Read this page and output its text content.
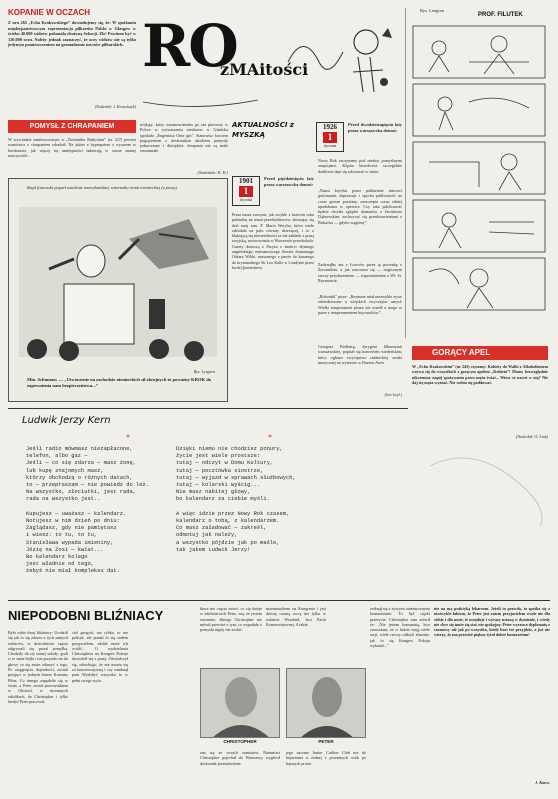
KOPANIE W OCZACH
Z nru 265 „Echa Krakowskiego” dowiadujemy się, że: W spotkaniu międzypaństwowym reprezentacja piłkarska Polski w Glasgow w ścieku 40.000 widzów pokonała drużynę Szkocji. Zle! Powinno być w 120.000 oczu. Należy jednak zaznaczyć, że oczy widzów nie są tylko jedynym pomieszczeniem na gromadzenie meczów piłkarskich.
(Nadesłał: J. Kowalczyk)
POMYSŁ Z CHRAPANIEM
W wywiadzie zamieszczonym w „Dzienniku Bałtyckim” (nr 227) pewien rozmówca z chrapaniem zdradził: Na jakim a hyperpatent z wyrazem w bordeauxie, jak więcej się umiejętności nabierają w czasie znanej nauczyciele...
trójkąty, który zastanowieniem po raz pierwszy w Polsce w wytwarzaniu niedawno w Gdańsku spotkało „Eugeniusz Onie gin”. Stanowisz bowiem pogrążeniem z doskonałym skutkiem pomysły jednoczesne i dźwięków chrapania nie są mało zrozumiałe.
(Nadesłała: K. H.)
RO
zMAitości
Rys. Lengren
PROF. FILUTEK
GORĄCY APEL
W „Echu Krakowskim” (nr 245) czytamy: Kobiety do Walki z Alkoholizmem wzywa się do wszystkich z gorącym apelem „Kobieto”! Mamy bezwzględnie nikczemny napój spożywania przez męża świat... Wiesz co nawet w nią? Nie daj się męża wyznać. Nie wolno się poddawać.
(Nadesłał: O. Link)
AKTUALNOŚCI z MYSZKĄ
1926
1
stycznia
Przed dwudziestupięciu laty prasa warszawska donosi:
Nowy Rok zaczynamy pod niezbyt pomyślnymi auspicjami. Klęska bezrobocia szczególnie dotkliwie daje się odczuwać w zimie.
„Nasza krytyka przez poblażanie teatrowi grafomanii, deprawuje i spycha publiczność na coraz gorsze poziomy, zaszczepia coraz silniej upodobania w operetce. Czy taka publiczność będzie chciała oglądać dramatów o Jarosławie Dąbrowskim, zachwycać się przedstawieniami z Balzacka — gdybo wątpimy”.
Zasłynąłby ani z Łowców przez tę piosenkę o Żeromskim, a już zawczasu się — tragicznym rzeczy przydarzeniem — wspomnieniem o Wł. St. Reymoncie.
„Robotnik” pisze: „Reymont miał niezwykle żywe odziedziczone u wiejskich zwyczajów umysł. Wielki temperament pisarz nie zszedł u niego w parze z temperamentem bojowników”.
Grzegorz Fitelberg, dyrygent filharmonii warszawskiej, popisał się koncertem wiedeńskim, który ogłasza zwycięstwo radzieckiej sztuki muzycznej na wystawie w Buenos Aires.
(kor. keyl.)
1901
1
stycznia
Przed pięćdziesięciu laty prasa warszawska donosi:
Prasa nasza zaczyna, jak zwykle z końcem roku polemikę na temat przedsiebiorstw, obracając się dziś tutaj tam. P. Maria Weryho, która wiele zdziałała na polu oświaty dziecięcej, i to z błąkającą się nierzetelności ze niż zakłady z prasą rosyjską, zastosowania w Warszawie przedszkola. Gazety donoszą z Paryża o śmierci słynnego angielskiego renesansowego literata dramaturga Oskara Wilde, nazwanego z pawie do kazanego do kryminalnego Sir Leo Kalle w Londynie przez lorda Queensberry.
Rząd francuski poparł ustalenie amerykańskiej wizerunku armii niemieckiej (z prasy).
Rys. Lengren
Min. Schuman: — „Utworzenie na zachodzie niemieckich sił zbrojnych to poważny KROK do zapewnienia nam bezpieczeństwa...”
Ludwik Jerzy Kern
*	*
Jeśli radio mówmasz niezapłacone,
telefon, albo gaz —
Jeśli — co się zdarza — masz żonę,
lub kupę znajomych masz,
którzy obchodzą o różnych datach,
to — przepraszam — nie powiedz do lez.
Na wszystko, złociutki, jest rada,
rada na wszystko jest..

Kupujesz — uważasz — kalendarz.
Notujesz w nim dzień po dniu:
Zaglądasz, gdy nie pamiętasz
i wiesz: to tu, to tu,
Stanisława wypada imieniny,
Józię na Zosi — kwiat...
Bo kalendarz kolego
jest władnie od tego,
żebyś nie miał kompleksu dat.
Dzięki niemu nie chodzisz ponury,
życie jest wiele prostsze:
tutaj — odczyt w Domu Kultury,
tutaj — pocztówka siostrze,
tutaj — wyjazd w sprawach służbowych,
tutaj — kolarski wyścig...
Nie masz nabitej głowy,
bo kalendarz za ciebie myśli.

A więc idzie przez Nowy Rok czasem,
kalendarz o tobą, z kalendarzem.
Co masz załadować — zakreśl,
odmotuj jak należy,
a wszystko pójdzie jak po maśle,
tak jakem Ludwik Jerzy!
NIEPODOBNI BLIŹNIACY
Było sobie dwaj bliźniacy: Urodzili się jak to się zdarza u tych samych rodziców, w dzieciństwie często odgrywali się przed pomyłką. Chodziły do tej samej szkoły, grali w te same bójki i nie przyszło im do głowy co się może zdarzyć z tego. Po osiągnięciu dojrzałości, zostali przyjęci w jednym biurze Komuny Pilna. Co innego zapędziło się w świat, a Peter został pracownikiem w Oksford, w skromnych szkółkach, do Christopher i tylko kiedyś Peter pracował.
ciel geograf, nie rybka, to nie polityk, ale ponad to się stałem przyjacielem, zdołał może ich ocalić... O wydzielaniu Christophera na Kongres Pokoju dowodził się z prasy. Oświadczył się, odwołując, że nie uważa się za konserwatywną i czy zamknął pani Wydobyć wszystko to w pełni swego stylu.
ktora nie często mówi, co się dzieje w zdolnościach Peter, wuj że jestem zrozumie, dlatego Christopher nie mówił przecież o tym, co wypadało z pomysłu nigdy nie zrobić.
matematykiem na Kongresie i jest dzisiaj czarną owcą nie tylko w rodzinie Woodard, lecz Partii Konserwatywnej. A także
zetknął się z żywymi autentycznymi komunistami. To był ciężki przeżycie. Christopher sam mówił że: „Nie jestem komunistą, lecz zauważam, że ci ludzie mają wiele racji, wiele rzeczy odkryli słusznie, jak to się Kongres Pokoju wykazał...”
nie na mą praktyką lekarzom. Jeżeli to prawda, to spotka się z niezwykle faktem, że Peter jest zatem przyjacielem wcale nie dla siebie i dla mnie, iż urzęduje i wyrazy ustaną w dymienie, i wtedy nie chce się może się stać nie spokojny. Peter wyrzuca dyplomatę z rozmowy niż jak po wszystko, kiedy brat też przyjdzie, a już nie wierzy, że ma przecież piękny tytuł dobre honorarium!
CHRISTOPHER	PETER
zna się ze swoich zamiarów. Natomiast Christopher pojechał do Warszawy, wygłosił doskonałe przemówienie
jego zacznie Junior Carlton Club nie do kojarzenia u żadnej z poważnych osób po lepszych prosie
J. Karcz.
